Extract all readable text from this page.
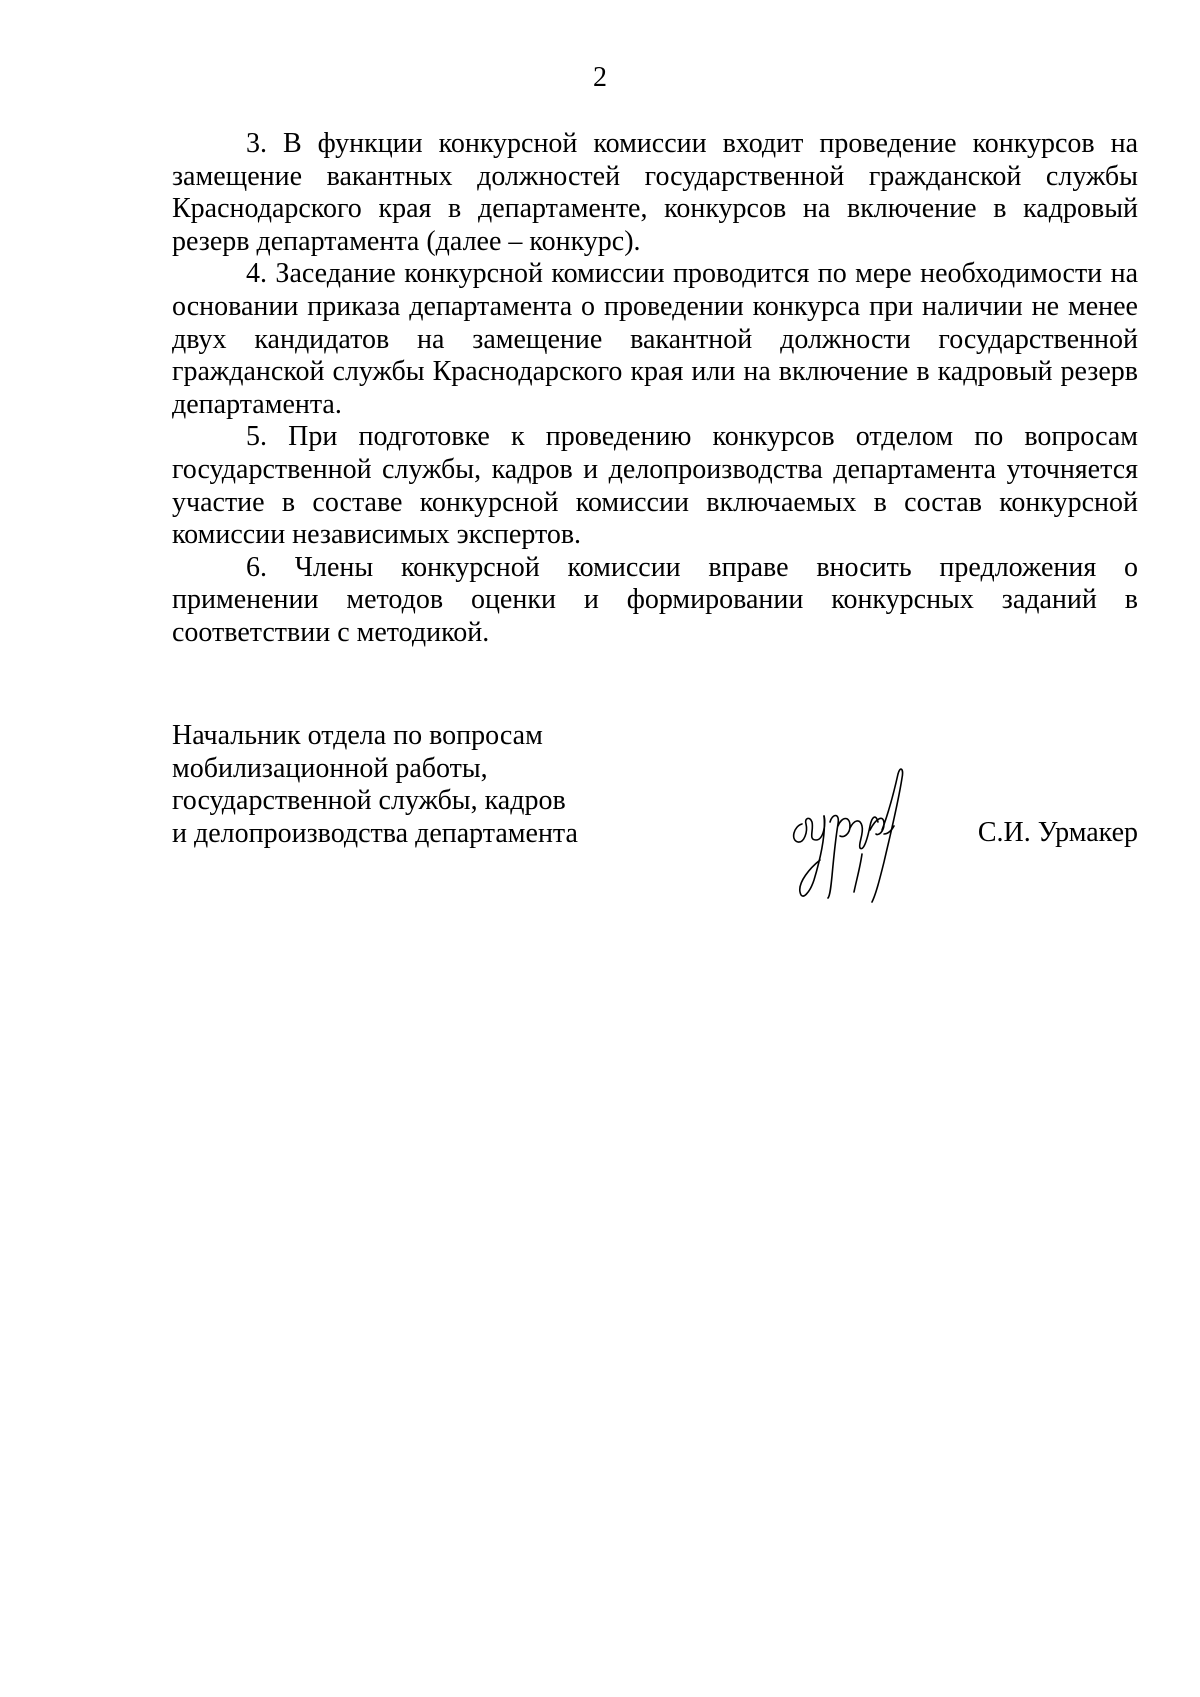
2

3. В функции конкурсной комиссии входит проведение конкурсов на замещение вакантных должностей государственной гражданской службы Краснодарского края в департаменте, конкурсов на включение в кадровый резерв департамента (далее – конкурс).

4. Заседание конкурсной комиссии проводится по мере необходимости на основании приказа департамента о проведении конкурса при наличии не менее двух кандидатов на замещение вакантной должности государственной гражданской службы Краснодарского края или на включение в кадровый резерв департамента.

5. При подготовке к проведению конкурсов отделом по вопросам государственной службы, кадров и делопроизводства департамента уточняется участие в составе конкурсной комиссии включаемых в состав конкурсной комиссии независимых экспертов.

6. Члены конкурсной комиссии вправе вносить предложения о применении методов оценки и формировании конкурсных заданий в соответствии с методикой.

Начальник отдела по вопросам
мобилизационной работы,
государственной службы, кадров
и делопроизводства департамента	С.И. Урмакер
